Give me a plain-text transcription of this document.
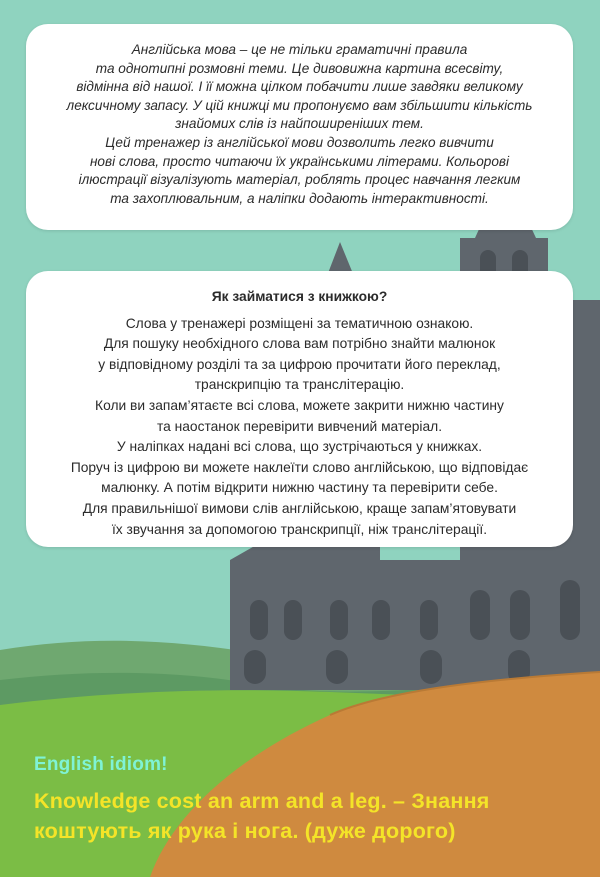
Англійська мова – це не тільки граматичні правила
та однотипні розмовні теми. Це дивовижна картина всесвіту,
відмінна від нашої. І її можна цілком побачити лише завдяки великому
лексичному запасу. У цій книжці ми пропонуємо вам збільшити кількість
знайомих слів із найпоширеніших тем.
Цей тренажер із англійської мови дозволить легко вивчити
нові слова, просто читаючи їх українськими літерами. Кольорові
ілюстрації візуалізують матеріал, роблять процес навчання легким
та захоплювальним, а наліпки додають інтерактивності.
Як займатися з книжкою?
Слова у тренажері розміщені за тематичною ознакою.
Для пошуку необхідного слова вам потрібно знайти малюнок
у відповідному розділі та за цифрою прочитати його переклад,
транскрипцію та транслітерацію.
Коли ви запам’ятаєте всі слова, можете закрити нижню частину
та наостанок перевірити вивчений матеріал.
У наліпках надані всі слова, що зустрічаються у книжках.
Поруч із цифрою ви можете наклеїти слово англійською, що відповідає
малюнку. А потім відкрити нижню частину та перевірити себе.
Для правильнішої вимови слів англійською, краще запам’ятовувати
їх звучання за допомогою транскрипції, ніж транслітерації.
English idiom!
Knowledge cost an arm and a leg. – Знання
коштують як рука і нога. (дуже дорого)
